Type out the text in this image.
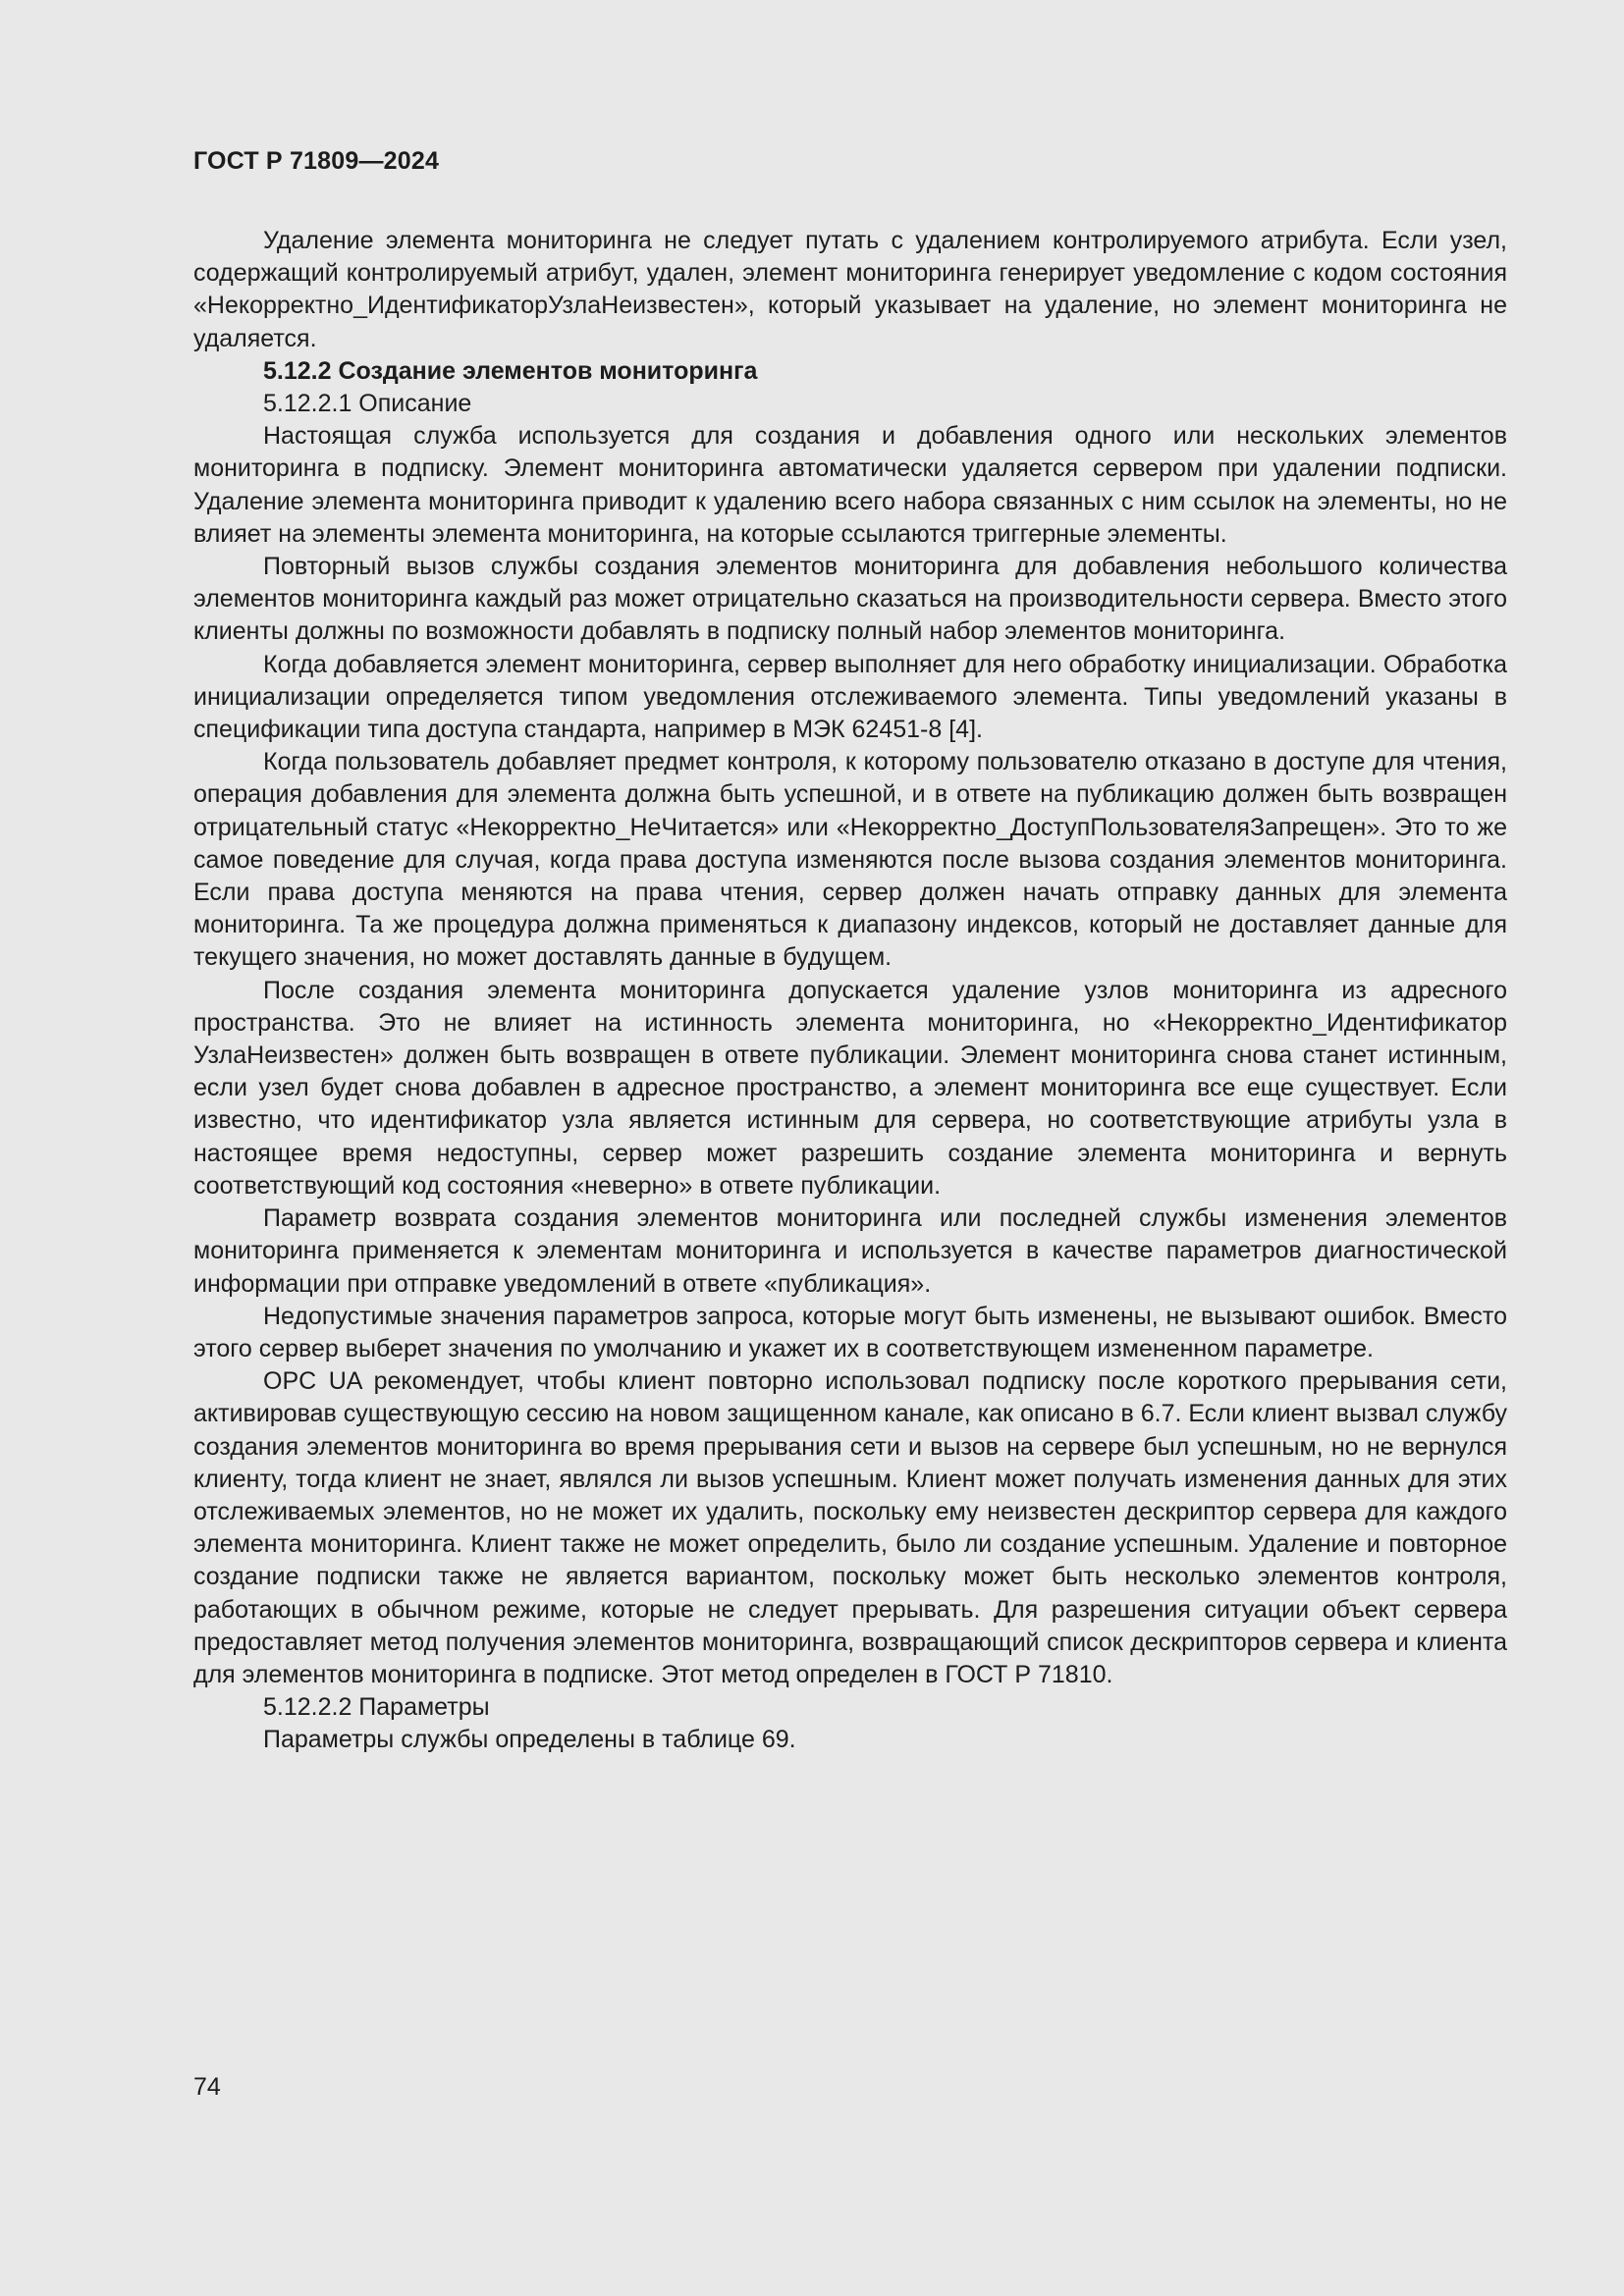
ГОСТ Р 71809—2024

Удаление элемента мониторинга не следует путать с удалением контролируемого атрибута. Если узел, содержащий контролируемый атрибут, удален, элемент мониторинга генерирует уведомление с кодом состояния «Некорректно_ИдентификаторУзлаНеизвестен», который указывает на удаление, но элемент мониторинга не удаляется.

5.12.2 Создание элементов мониторинга

5.12.2.1 Описание

Настоящая служба используется для создания и добавления одного или нескольких элементов мониторинга в подписку. Элемент мониторинга автоматически удаляется сервером при удалении подписки. Удаление элемента мониторинга приводит к удалению всего набора связанных с ним ссылок на элементы, но не влияет на элементы элемента мониторинга, на которые ссылаются триггерные элементы.

Повторный вызов службы создания элементов мониторинга для добавления небольшого количества элементов мониторинга каждый раз может отрицательно сказаться на производительности сервера. Вместо этого клиенты должны по возможности добавлять в подписку полный набор элементов мониторинга.

Когда добавляется элемент мониторинга, сервер выполняет для него обработку инициализации. Обработка инициализации определяется типом уведомления отслеживаемого элемента. Типы уведомлений указаны в спецификации типа доступа стандарта, например в МЭК 62451-8 [4].

Когда пользователь добавляет предмет контроля, к которому пользователю отказано в доступе для чтения, операция добавления для элемента должна быть успешной, и в ответе на публикацию должен быть возвращен отрицательный статус «Некорректно_НеЧитается» или «Некорректно_ДоступПользователяЗапрещен». Это то же самое поведение для случая, когда права доступа изменяются после вызова создания элементов мониторинга. Если права доступа меняются на права чтения, сервер должен начать отправку данных для элемента мониторинга. Та же процедура должна применяться к диапазону индексов, который не доставляет данные для текущего значения, но может доставлять данные в будущем.

После создания элемента мониторинга допускается удаление узлов мониторинга из адресного пространства. Это не влияет на истинность элемента мониторинга, но «Некорректно_Идентификатор УзлаНеизвестен» должен быть возвращен в ответе публикации. Элемент мониторинга снова станет истинным, если узел будет снова добавлен в адресное пространство, а элемент мониторинга все еще существует. Если известно, что идентификатор узла является истинным для сервера, но соответствующие атрибуты узла в настоящее время недоступны, сервер может разрешить создание элемента мониторинга и вернуть соответствующий код состояния «неверно» в ответе публикации.

Параметр возврата создания элементов мониторинга или последней службы изменения элементов мониторинга применяется к элементам мониторинга и используется в качестве параметров диагностической информации при отправке уведомлений в ответе «публикация».

Недопустимые значения параметров запроса, которые могут быть изменены, не вызывают ошибок. Вместо этого сервер выберет значения по умолчанию и укажет их в соответствующем измененном параметре.

OPC UA рекомендует, чтобы клиент повторно использовал подписку после короткого прерывания сети, активировав существующую сессию на новом защищенном канале, как описано в 6.7. Если клиент вызвал службу создания элементов мониторинга во время прерывания сети и вызов на сервере был успешным, но не вернулся клиенту, тогда клиент не знает, являлся ли вызов успешным. Клиент может получать изменения данных для этих отслеживаемых элементов, но не может их удалить, поскольку ему неизвестен дескриптор сервера для каждого элемента мониторинга. Клиент также не может определить, было ли создание успешным. Удаление и повторное создание подписки также не является вариантом, поскольку может быть несколько элементов контроля, работающих в обычном режиме, которые не следует прерывать. Для разрешения ситуации объект сервера предоставляет метод получения элементов мониторинга, возвращающий список дескрипторов сервера и клиента для элементов мониторинга в подписке. Этот метод определен в ГОСТ Р 71810.

5.12.2.2 Параметры

Параметры службы определены в таблице 69.

74
